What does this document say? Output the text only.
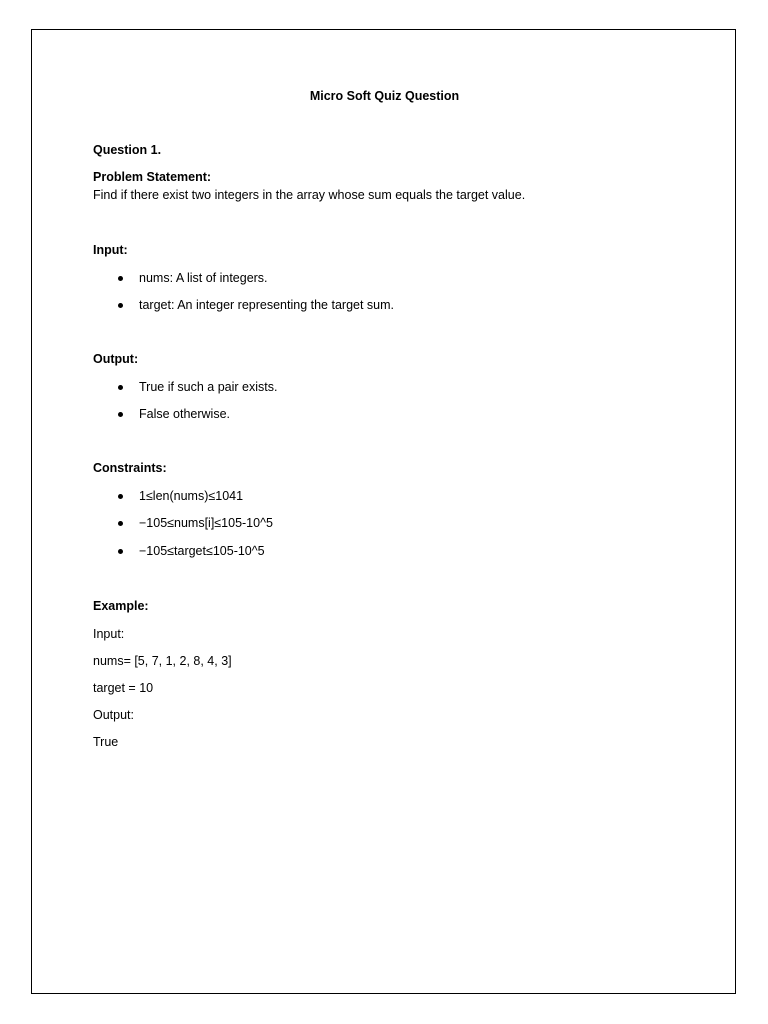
Micro Soft Quiz Question
Question 1.
Problem Statement:
Find if there exist two integers in the array whose sum equals the target value.
Input:
nums: A list of integers.
target: An integer representing the target sum.
Output:
True if such a pair exists.
False otherwise.
Constraints:
1≤len(nums)≤1041
−105≤nums[i]≤105-10^5
−105≤target≤105-10^5
Example:
Input:
nums= [5, 7, 1, 2, 8, 4, 3]
target = 10
Output:
True
